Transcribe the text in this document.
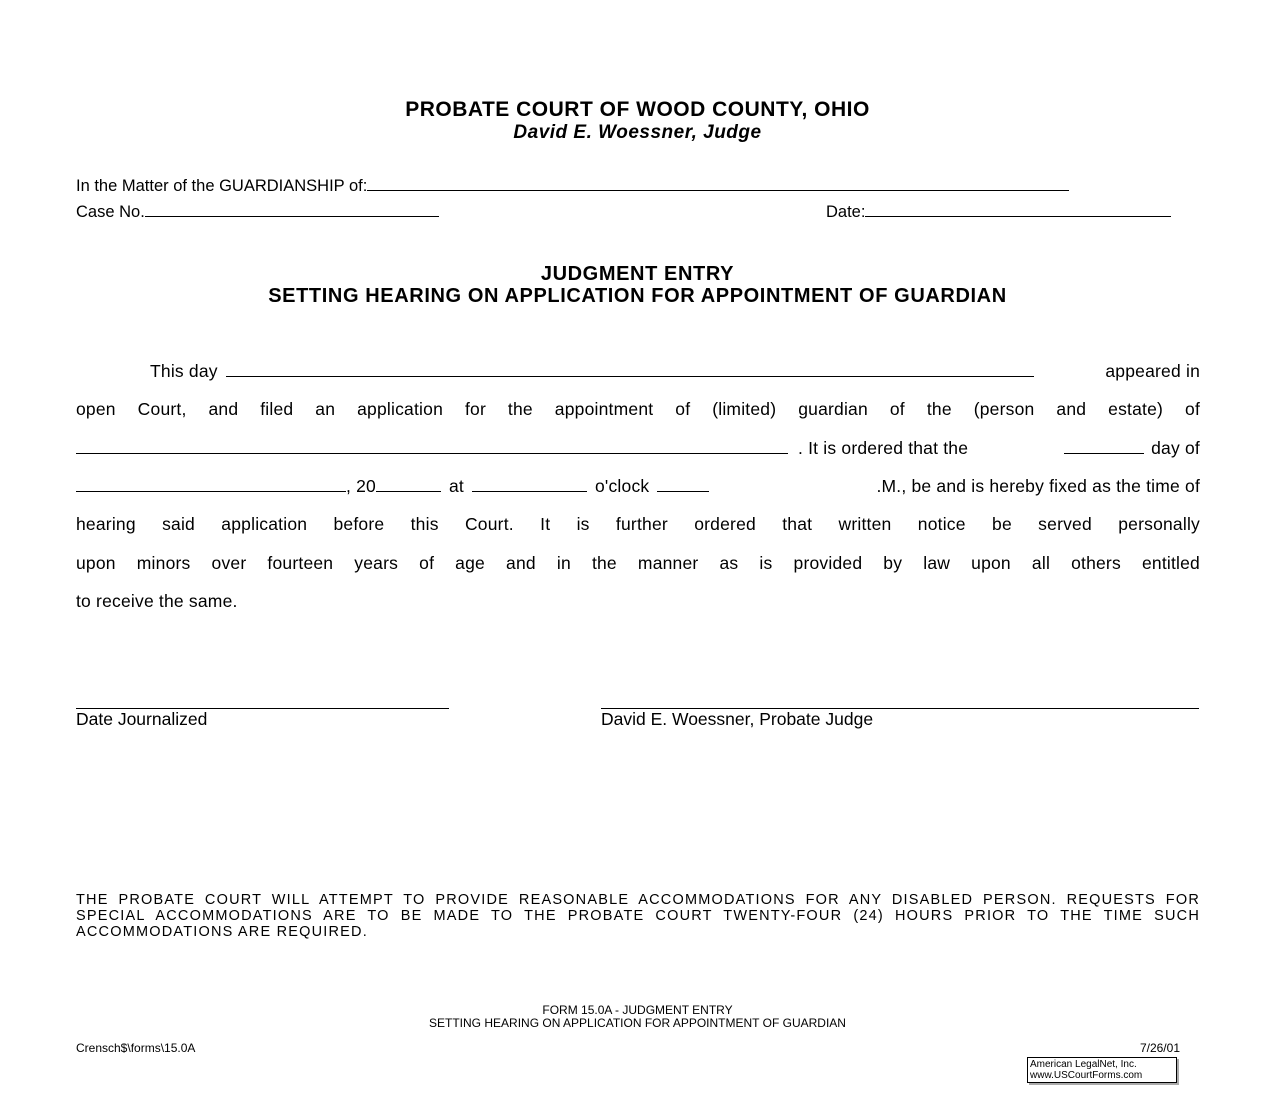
PROBATE COURT OF WOOD COUNTY, OHIO
David E. Woessner, Judge
In the Matter of the GUARDIANSHIP of:
Case No.	Date:
JUDGMENT ENTRY
SETTING HEARING ON APPLICATION FOR APPOINTMENT OF GUARDIAN
This day	appeared in
open Court, and filed an application for the appointment of (limited) guardian of the (person and estate) of
. It is ordered that the	day of
, 20	at	o'clock	.M., be and is hereby fixed as the time of
hearing said application before this Court. It is further ordered that written notice be served personally
upon minors over fourteen years of age and in the manner as is provided by law upon all others entitled
to receive the same.
Date Journalized	David E. Woessner, Probate Judge
THE PROBATE COURT WILL ATTEMPT TO PROVIDE REASONABLE ACCOMMODATIONS FOR ANY DISABLED PERSON. REQUESTS FOR SPECIAL ACCOMMODATIONS ARE TO BE MADE TO THE PROBATE COURT TWENTY-FOUR (24) HOURS PRIOR TO THE TIME SUCH ACCOMMODATIONS ARE REQUIRED.
FORM 15.0A - JUDGMENT ENTRY
SETTING HEARING ON APPLICATION FOR APPOINTMENT OF GUARDIAN
Crensch$\forms\15.0A	7/26/01
American LegalNet, Inc.
www.USCourtForms.com
